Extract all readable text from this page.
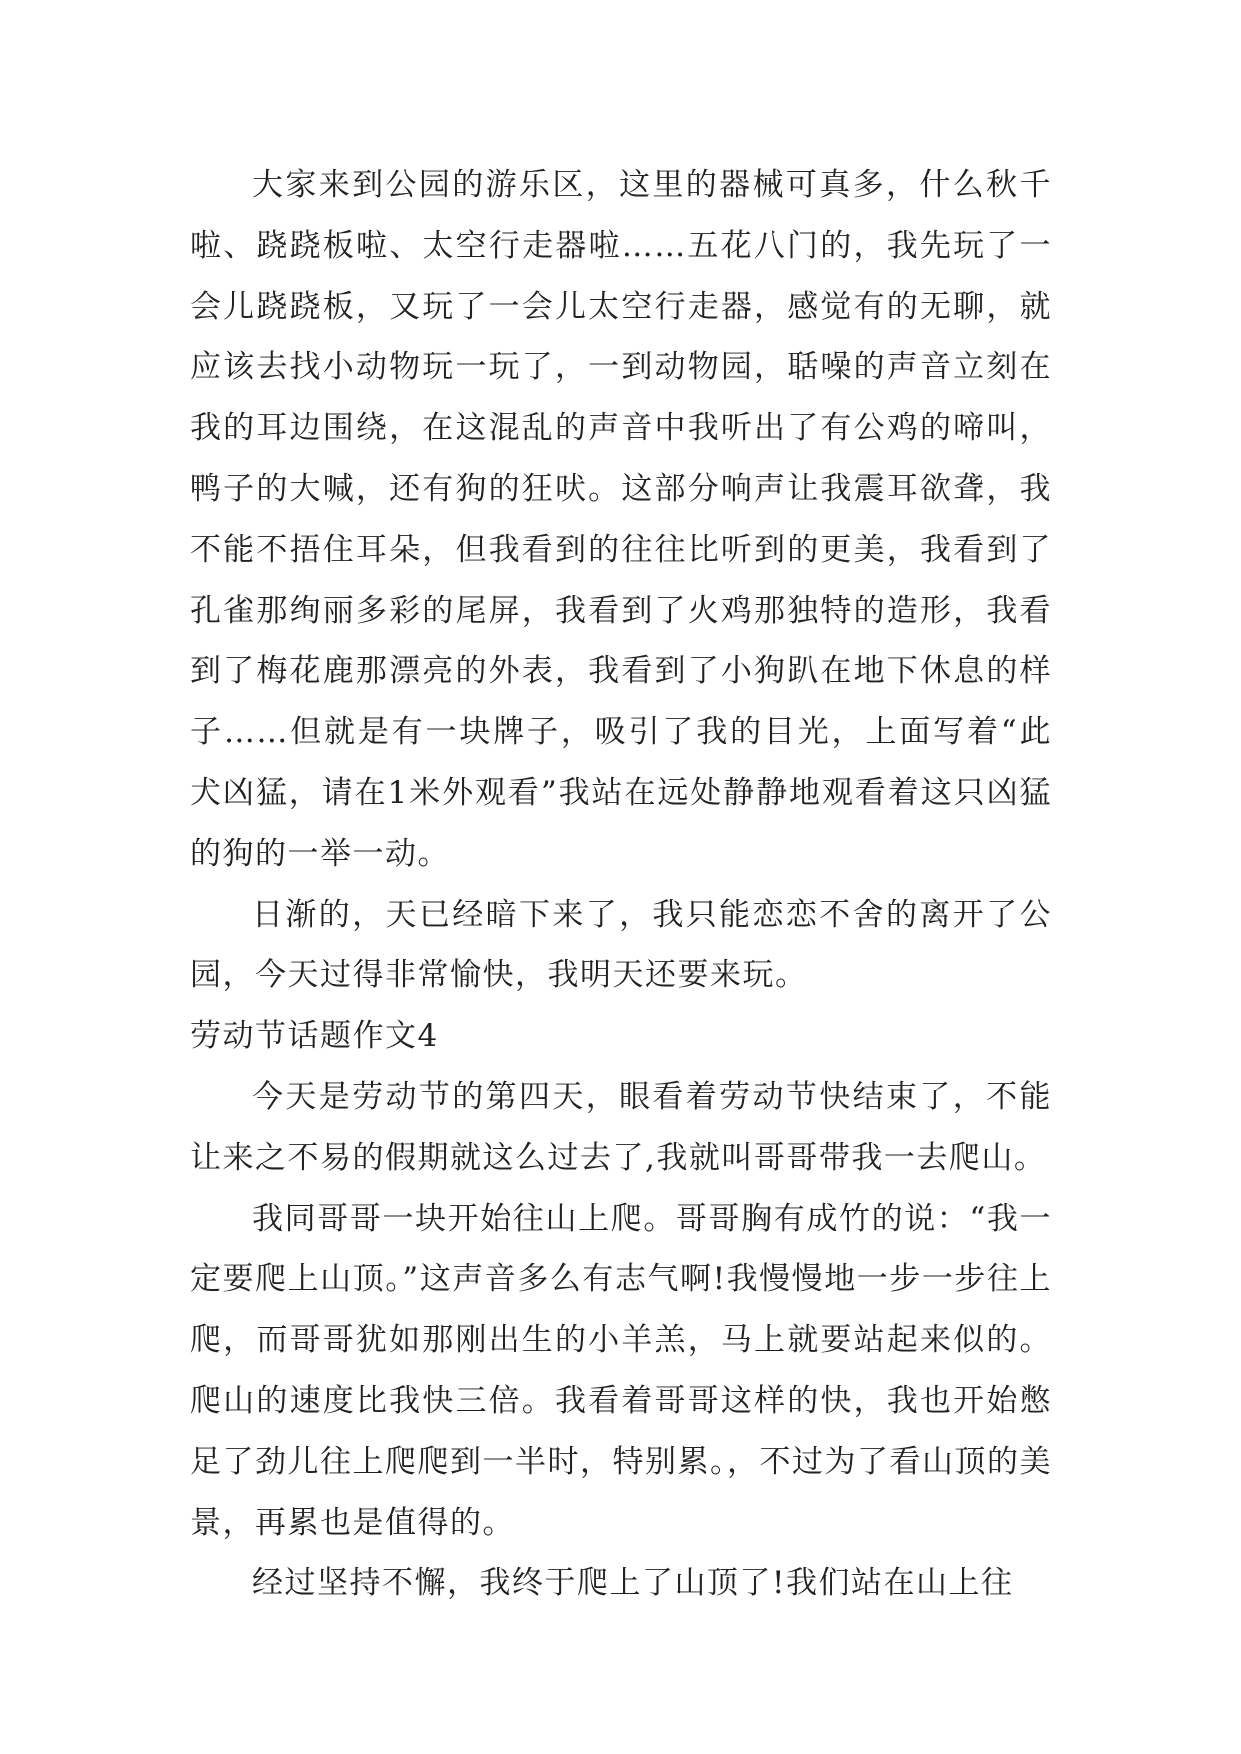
大家来到公园的游乐区，这里的器械可真多，什么秋千啦、跷跷板啦、太空行走器啦……五花八门的，我先玩了一会儿跷跷板，又玩了一会儿太空行走器，感觉有的无聊，就应该去找小动物玩一玩了，一到动物园，聒噪的声音立刻在我的耳边围绕，在这混乱的声音中我听出了有公鸡的啼叫，鸭子的大喊，还有狗的狂吠。这部分响声让我震耳欲聋，我不能不捂住耳朵，但我看到的往往比听到的更美，我看到了孔雀那绚丽多彩的尾屏，我看到了火鸡那独特的造形，我看到了梅花鹿那漂亮的外表，我看到了小狗趴在地下休息的样子……但就是有一块牌子，吸引了我的目光，上面写着“此犬凶猛，请在1米外观看”我站在远处静静地观看着这只凶猛的狗的一举一动。

日渐的，天已经暗下来了，我只能恋恋不舍的离开了公园，今天过得非常愉快，我明天还要来玩。

劳动节话题作文4

今天是劳动节的第四天，眼看着劳动节快结束了，不能让来之不易的假期就这么过去了,我就叫哥哥带我一去爬山。

我同哥哥一块开始往山上爬。哥哥胸有成竹的说：“我一定要爬上山顶。”这声音多么有志气啊!我慢慢地一步一步往上爬，而哥哥犹如那刚出生的小羊羔，马上就要站起来似的。爬山的速度比我快三倍。我看着哥哥这样的快，我也开始憋足了劲儿往上爬爬到一半时，特别累。，不过为了看山顶的美景，再累也是值得的。

经过坚持不懈，我终于爬上了山顶了!我们站在山上往
